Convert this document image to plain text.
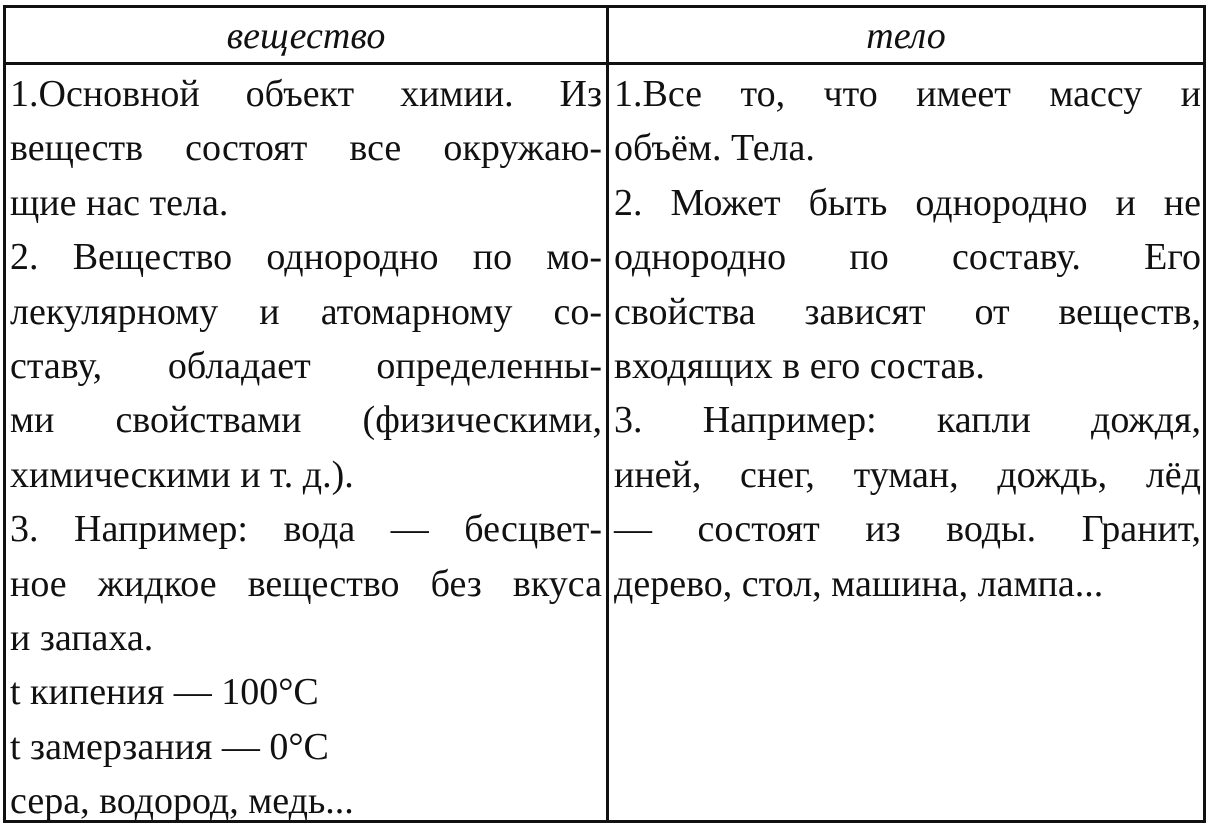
вещество	тело
1.Основной объект химии. Из
веществ состоят все окружаю-
щие нас тела.
2. Вещество однородно по мо-
лекулярному и атомарному со-
ставу, обладает определенны-
ми свойствами (физическими,
химическими и т. д.).
3. Например: вода — бесцвет-
ное жидкое вещество без вкуса
и запаха.
t кипения — 100°С
t замерзания — 0°С
сера, водород, медь...
1.Все то, что имеет массу и
объём. Тела.
2. Может быть однородно и не
однородно по составу. Его
свойства зависят от веществ,
входящих в его состав.
3. Например: капли дождя,
иней, снег, туман, дождь, лёд
— состоят из воды. Гранит,
дерево, стол, машина, лампа...
